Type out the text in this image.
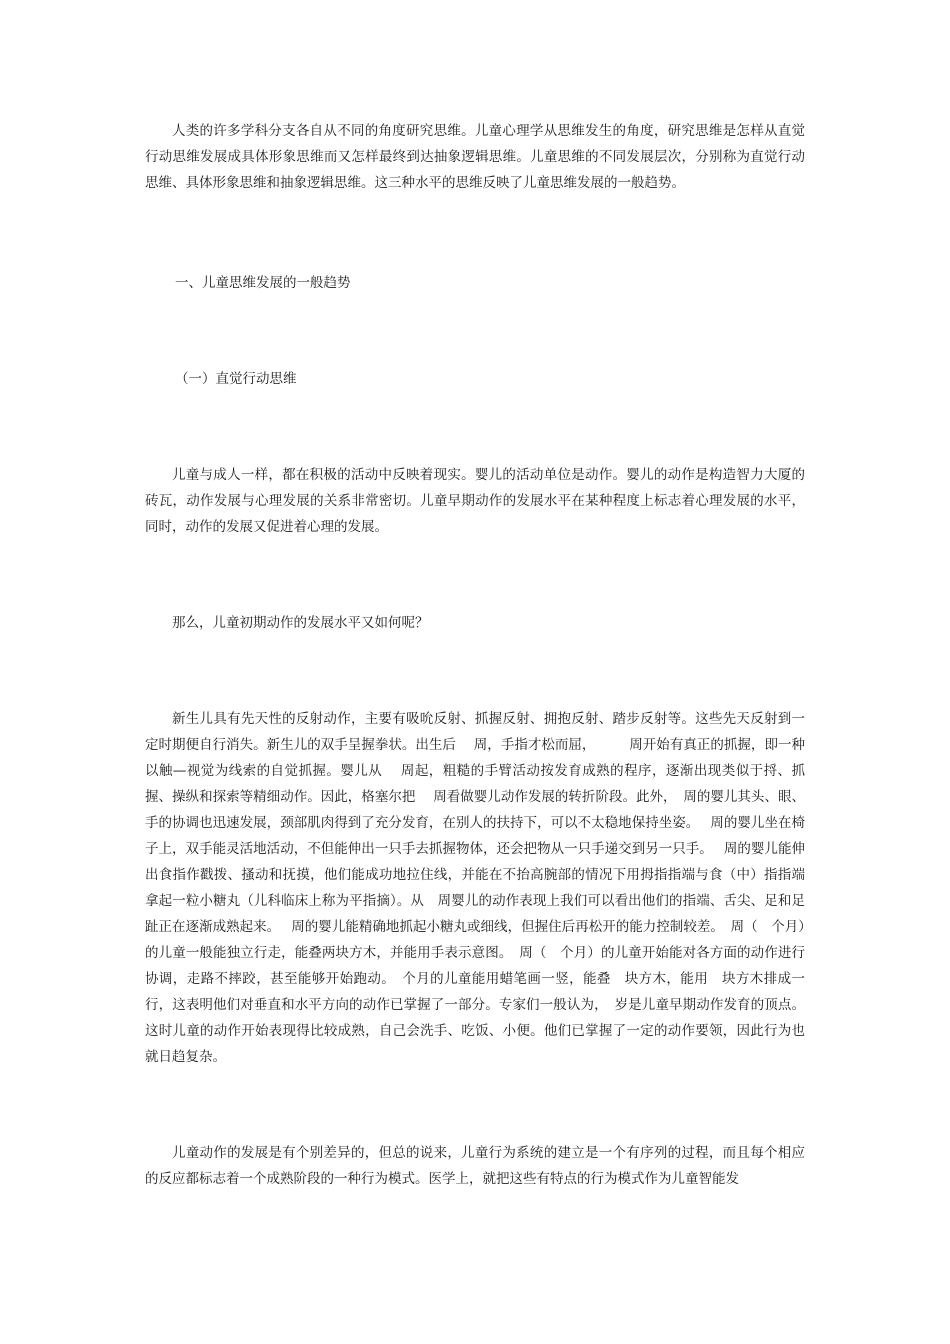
人类的许多学科分支各自从不同的角度研究思维。儿童心理学从思维发生的角度，研究思维是怎样从直觉行动思维发展成具体形象思维而又怎样最终到达抽象逻辑思维。儿童思维的不同发展层次，分别称为直觉行动思维、具体形象思维和抽象逻辑思维。这三种水平的思维反映了儿童思维发展的一般趋势。

一、儿童思维发展的一般趋势

（一）直觉行动思维

儿童与成人一样，都在积极的活动中反映着现实。婴儿的活动单位是动作。婴儿的动作是构造智力大厦的砖瓦，动作发展与心理发展的关系非常密切。儿童早期动作的发展水平在某种程度上标志着心理发展的水平，同时，动作的发展又促进着心理的发展。

那么，儿童初期动作的发展水平又如何呢？

新生儿具有先天性的反射动作，主要有吸吮反射、抓握反射、拥抱反射、踏步反射等。这些先天反射到一定时期便自行消失。新生儿的双手呈握拳状。出生后　 周，手指才松而屈，　　　周开始有真正的抓握，即一种以触—视觉为线索的自觉抓握。婴儿从　 周起，粗糙的手臂活动按发育成熟的程序，逐渐出现类似于捋、抓握、操纵和探索等精细动作。因此，格塞尔把　 周看做婴儿动作发展的转折阶段。此外，　周的婴儿其头、眼、手的协调也迅速发展，颈部肌肉得到了充分发育，在别人的扶持下，可以不太稳地保持坐姿。　 周的婴儿坐在椅子上，双手能灵活地活动，不但能伸出一只手去抓握物体，还会把物从一只手递交到另一只手。　 周的婴儿能伸出食指作戳拨、搔动和抚摸，他们能成功地拉住线，并能在不抬高腕部的情况下用拇指指端与食（中）指指端拿起一粒小糖丸（儿科临床上称为平指摘）。从　周婴儿的动作表现上我们可以看出他们的指端、舌尖、足和足趾正在逐渐成熟起来。　 周的婴儿能精确地抓起小糖丸或细线，但握住后再松开的能力控制较差。　周（　个月）的儿童一般能独立行走，能叠两块方木，并能用手表示意图。　周（　个月）的儿童开始能对各方面的动作进行协调，走路不摔跤，甚至能够开始跑动。　个月的儿童能用蜡笔画一竖，能叠　块方木，能用　块方木排成一行，这表明他们对垂直和水平方向的动作已掌握了一部分。专家们一般认为，　岁是儿童早期动作发育的顶点。这时儿童的动作开始表现得比较成熟，自己会洗手、吃饭、小便。他们已掌握了一定的动作要领，因此行为也就日趋复杂。

儿童动作的发展是有个别差异的，但总的说来，儿童行为系统的建立是一个有序列的过程，而且每个相应的反应都标志着一个成熟阶段的一种行为模式。医学上，就把这些有特点的行为模式作为儿童智能发
